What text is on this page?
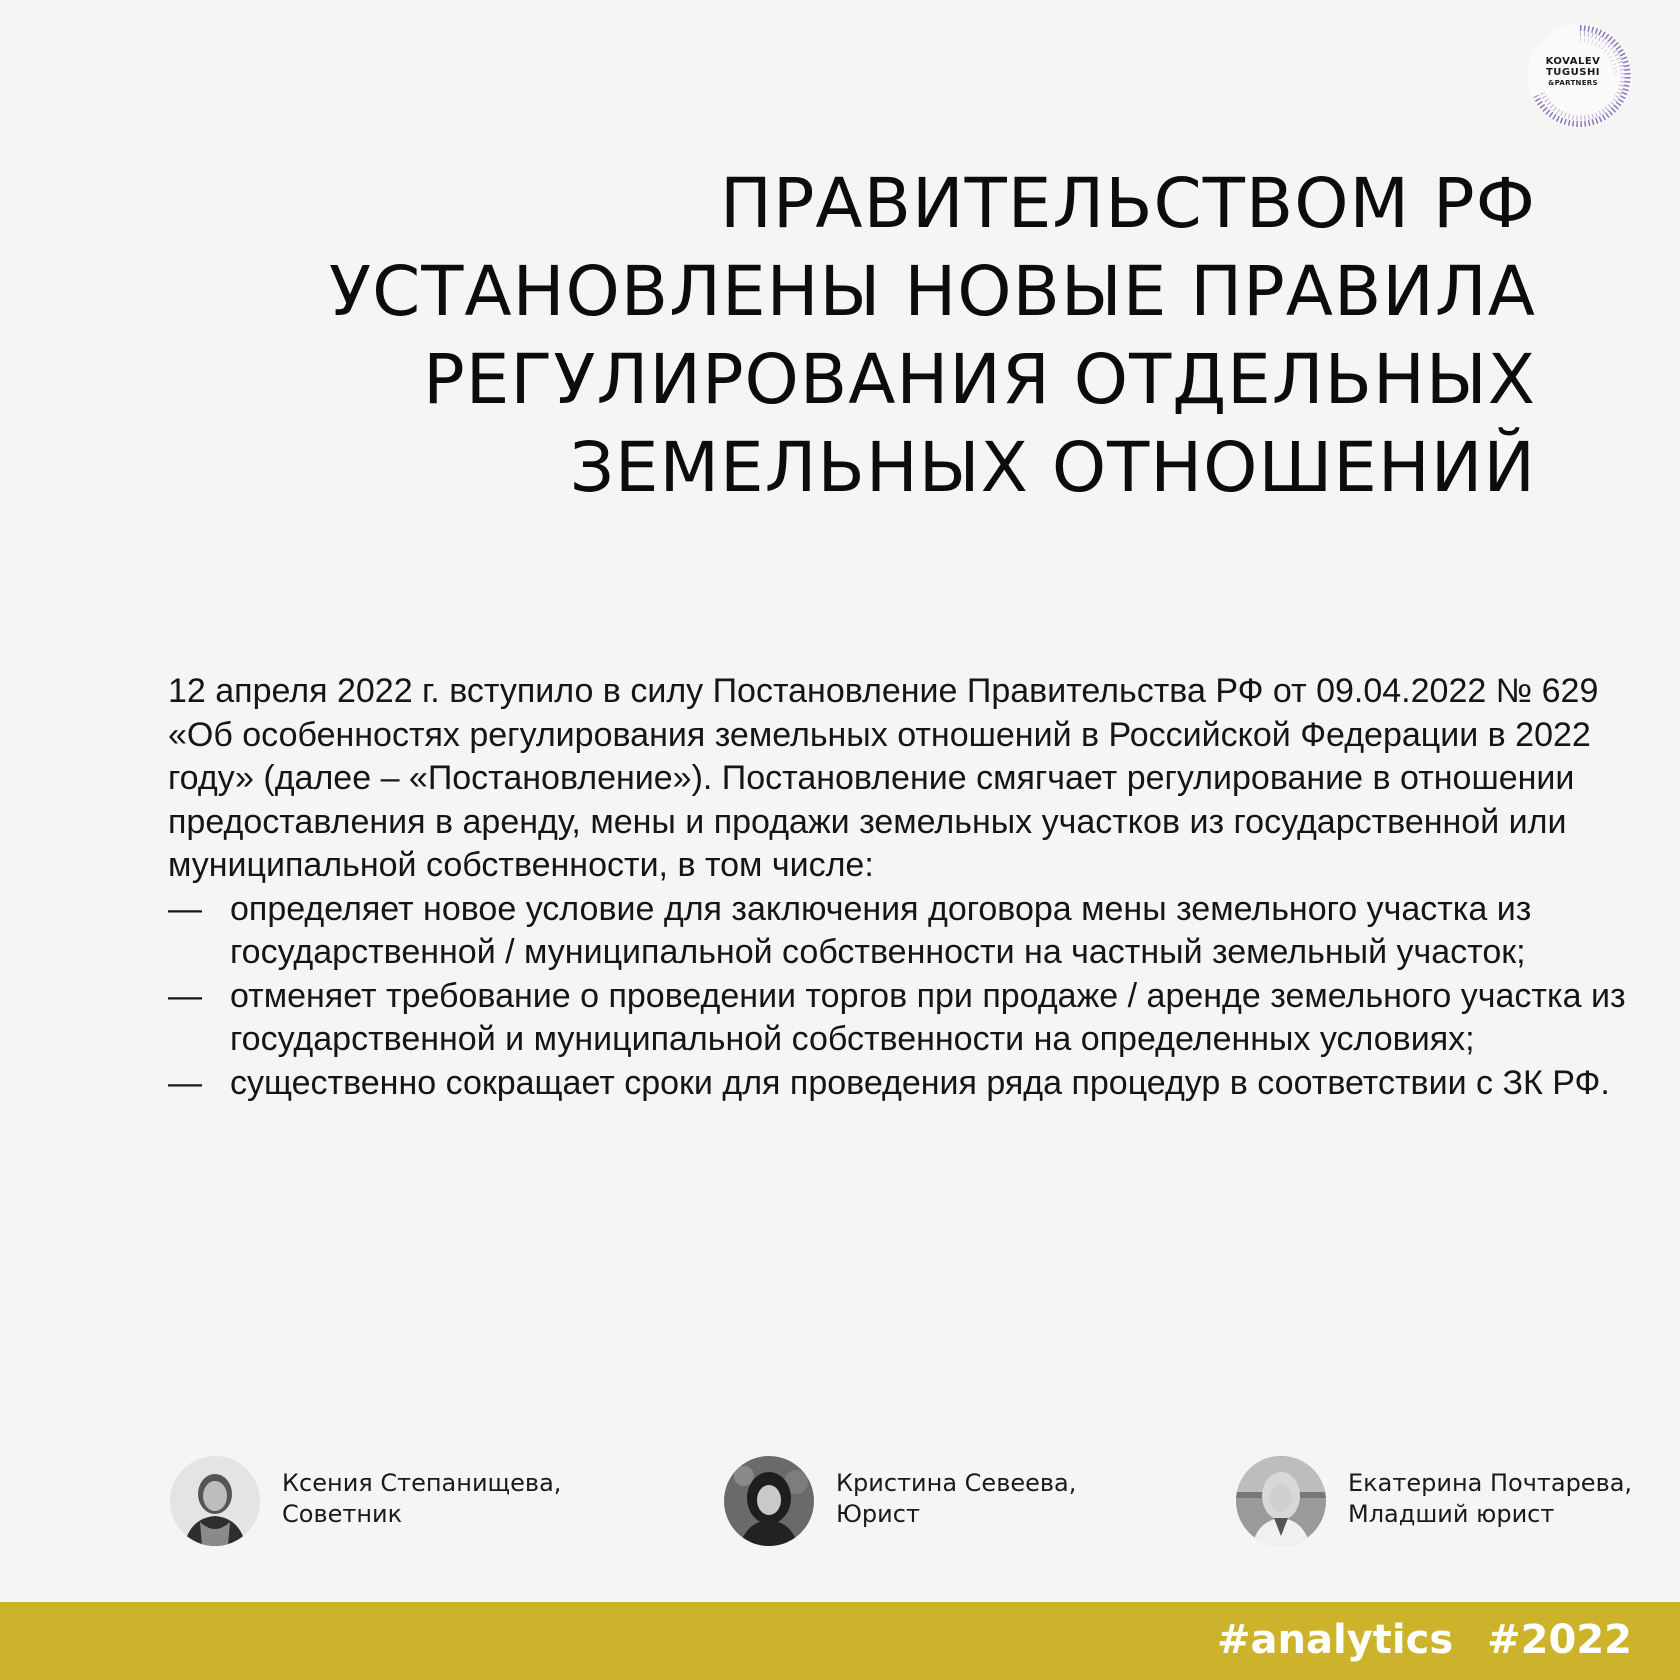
KOVALEV
TUGUSHI
&PARTNERS
ПРАВИТЕЛЬСТВОМ РФ
УСТАНОВЛЕНЫ НОВЫЕ ПРАВИЛА
РЕГУЛИРОВАНИЯ ОТДЕЛЬНЫХ
ЗЕМЕЛЬНЫХ ОТНОШЕНИЙ

12 апреля 2022 г. вступило в силу Постановление Правительства РФ от 09.04.2022 № 629 «Об особенностях регулирования земельных отношений в Российской Федерации в 2022 году» (далее – «Постановление»). Постановление смягчает регулирование в отношении предоставления в аренду, мены и продажи земельных участков из государственной или муниципальной собственности, в том числе:

— определяет новое условие для заключения договора мены земельного участка из государственной / муниципальной собственности на частный земельный участок;
— отменяет требование о проведении торгов при продаже / аренде земельного участка из государственной и муниципальной собственности на определенных условиях;
— существенно сокращает сроки для проведения ряда процедур в соответствии с ЗК РФ.
Ксения Степанищева,
Советник
Кристина Севеева,
Юрист
Екатерина Почтарева,
Младший юрист
#analytics #2022
